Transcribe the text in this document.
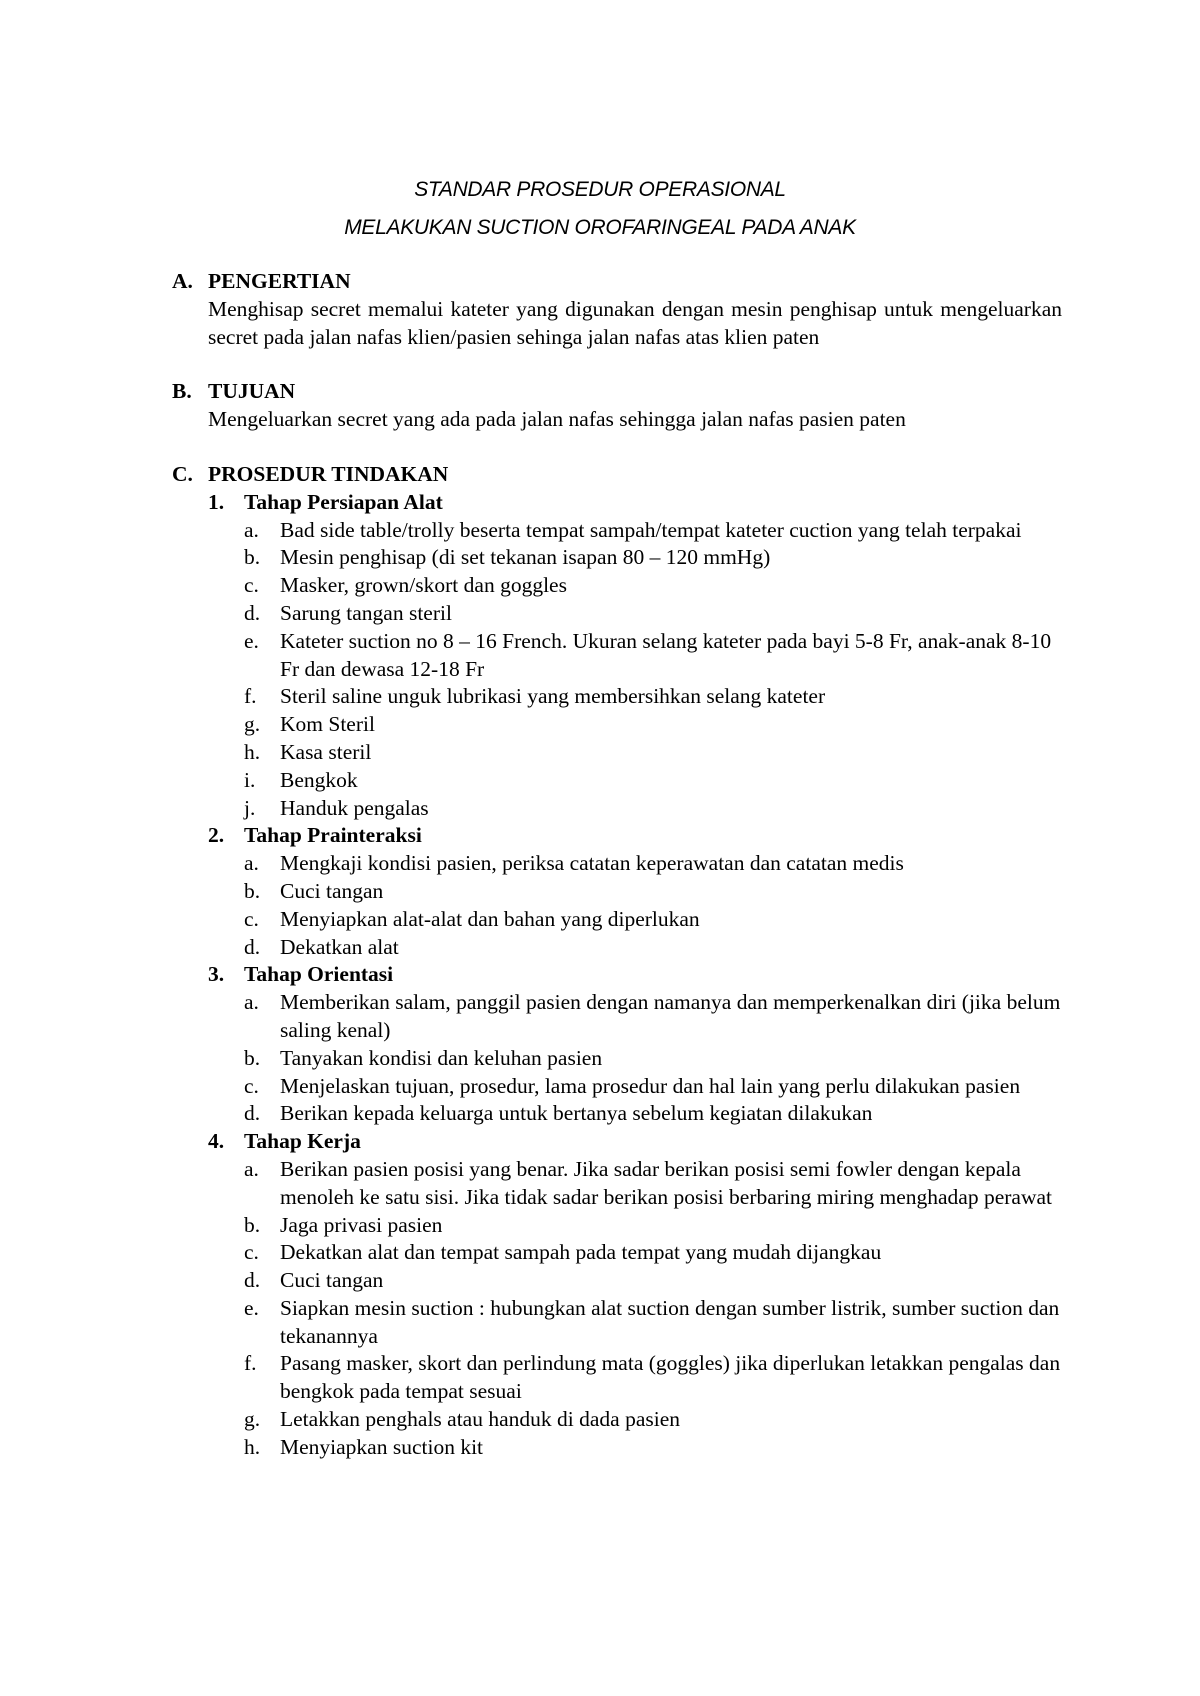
STANDAR PROSEDUR OPERASIONAL
MELAKUKAN SUCTION OROFARINGEAL PADA ANAK
A. PENGERTIAN
Menghisap secret memalui kateter yang digunakan dengan mesin penghisap untuk mengeluarkan secret pada jalan nafas klien/pasien sehinga jalan nafas atas klien paten
B. TUJUAN
Mengeluarkan secret yang ada pada jalan nafas sehingga jalan nafas pasien paten
C. PROSEDUR TINDAKAN
1. Tahap Persiapan Alat
a. Bad side table/trolly beserta tempat sampah/tempat kateter cuction yang telah terpakai
b. Mesin penghisap (di set tekanan isapan 80 – 120 mmHg)
c. Masker, grown/skort dan goggles
d. Sarung tangan steril
e. Kateter suction no 8 – 16 French. Ukuran selang kateter pada bayi 5-8 Fr, anak-anak 8-10 Fr dan dewasa 12-18 Fr
f.	Steril saline unguk lubrikasi yang membersihkan selang kateter
g. Kom Steril
h. Kasa steril
i.	Bengkok
j.	Handuk pengalas
2. Tahap Prainteraksi
a. Mengkaji kondisi pasien, periksa catatan keperawatan dan catatan medis
b. Cuci tangan
c. Menyiapkan alat-alat dan bahan yang diperlukan
d. Dekatkan alat
3. Tahap Orientasi
a. Memberikan salam, panggil pasien dengan namanya dan memperkenalkan diri (jika belum saling kenal)
b. Tanyakan kondisi dan keluhan pasien
c. Menjelaskan tujuan, prosedur, lama prosedur dan hal lain yang perlu dilakukan pasien
d. Berikan kepada keluarga untuk bertanya sebelum kegiatan dilakukan
4. Tahap Kerja
a. Berikan pasien posisi yang benar. Jika sadar berikan posisi semi fowler dengan kepala menoleh ke satu sisi. Jika tidak sadar berikan posisi berbaring miring menghadap perawat
b. Jaga privasi pasien
c. Dekatkan alat dan tempat sampah pada tempat yang mudah dijangkau
d. Cuci tangan
e. Siapkan mesin suction : hubungkan alat suction dengan sumber listrik, sumber suction dan tekanannya
f.	Pasang masker, skort dan perlindung mata (goggles) jika diperlukan letakkan pengalas dan bengkok pada tempat sesuai
g. Letakkan penghals atau handuk di dada pasien
h. Menyiapkan suction kit
